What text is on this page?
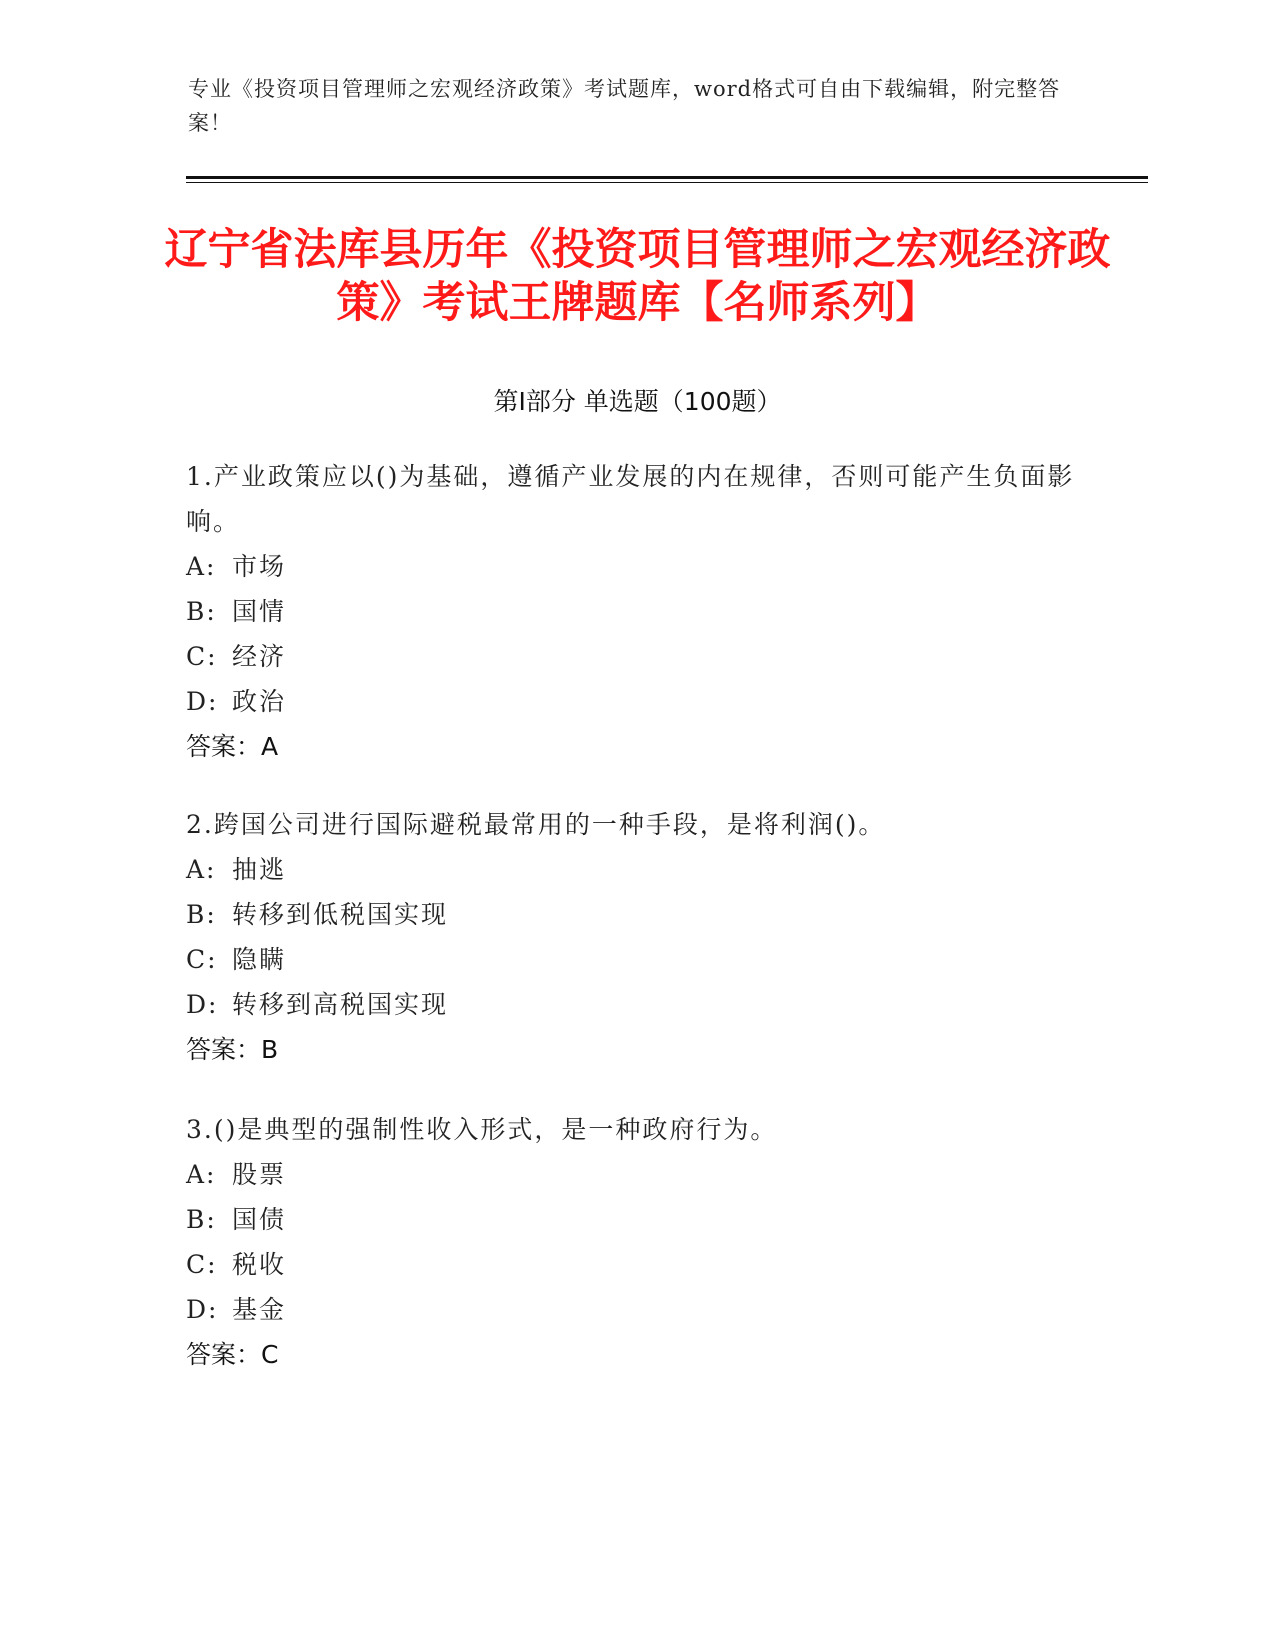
专业《投资项目管理师之宏观经济政策》考试题库，word格式可自由下载编辑，附完整答案！
辽宁省法库县历年《投资项目管理师之宏观经济政策》考试王牌题库【名师系列】
第Ⅰ部分 单选题（100题）
1.产业政策应以()为基础，遵循产业发展的内在规律，否则可能产生负面影响。
A: 市场
B: 国情
C: 经济
D: 政治
答案：A
2.跨国公司进行国际避税最常用的一种手段，是将利润()。
A: 抽逃
B: 转移到低税国实现
C: 隐瞒
D: 转移到高税国实现
答案：B
3.()是典型的强制性收入形式，是一种政府行为。
A: 股票
B: 国债
C: 税收
D: 基金
答案：C
